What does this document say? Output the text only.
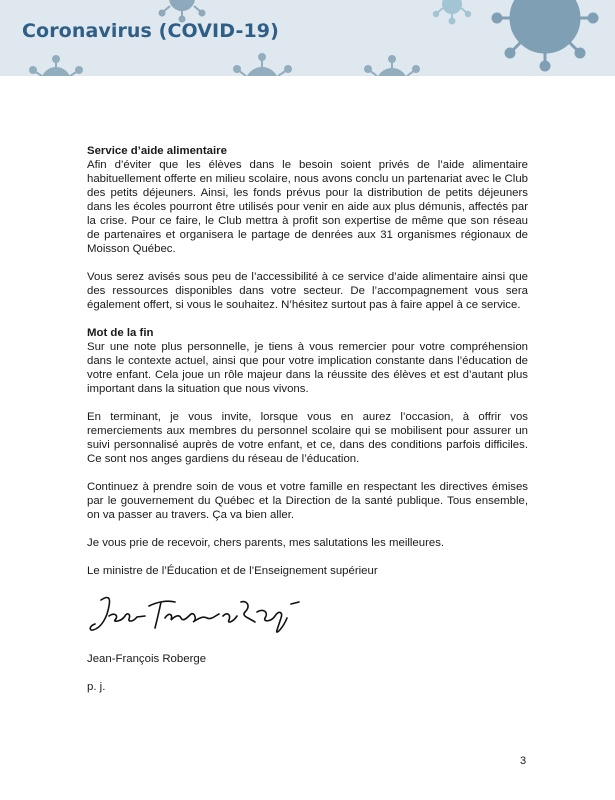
Coronavirus (COVID-19)

Service d’aide alimentaire

Afin d’éviter que les élèves dans le besoin soient privés de l’aide alimentaire habituellement offerte en milieu scolaire, nous avons conclu un partenariat avec le Club des petits déjeuners. Ainsi, les fonds prévus pour la distribution de petits déjeuners dans les écoles pourront être utilisés pour venir en aide aux plus démunis, affectés par la crise. Pour ce faire, le Club mettra à profit son expertise de même que son réseau de partenaires et organisera le partage de denrées aux 31 organismes régionaux de Moisson Québec.

Vous serez avisés sous peu de l’accessibilité à ce service d’aide alimentaire ainsi que des ressources disponibles dans votre secteur. De l’accompagnement vous sera également offert, si vous le souhaitez. N’hésitez surtout pas à faire appel à ce service.

Mot de la fin

Sur une note plus personnelle, je tiens à vous remercier pour votre compréhension dans le contexte actuel, ainsi que pour votre implication constante dans l’éducation de votre enfant. Cela joue un rôle majeur dans la réussite des élèves et est d’autant plus important dans la situation que nous vivons.

En terminant, je vous invite, lorsque vous en aurez l’occasion, à offrir vos remerciements aux membres du personnel scolaire qui se mobilisent pour assurer un suivi personnalisé auprès de votre enfant, et ce, dans des conditions parfois difficiles. Ce sont nos anges gardiens du réseau de l’éducation.

Continuez à prendre soin de vous et votre famille en respectant les directives émises par le gouvernement du Québec et la Direction de la santé publique. Tous ensemble, on va passer au travers. Ça va bien aller.

Je vous prie de recevoir, chers parents, mes salutations les meilleures.

Le ministre de l’Éducation et de l’Enseignement supérieur

Jean-François Roberge

p. j.

3
